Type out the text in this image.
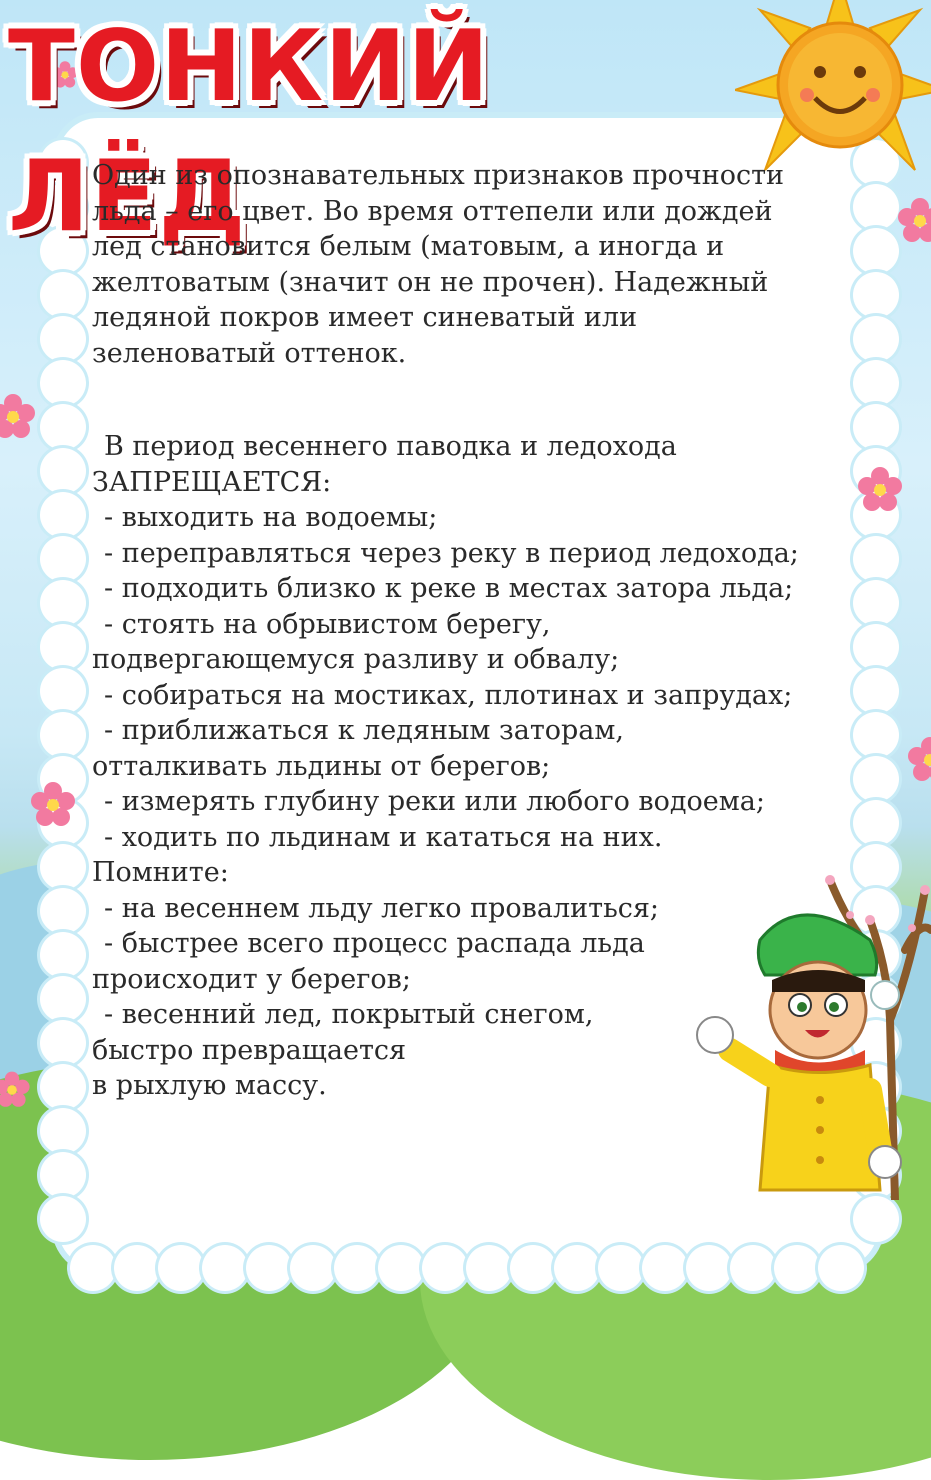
ТОНКИЙ ЛЁД

Один из опознавательных признаков прочности

льда – его цвет. Во время оттепели или дождей

лед становится белым (матовым, а иногда и

желтоватым (значит он не прочен). Надежный

ледяной покров имеет синеватый или

зеленоватый оттенок.

В период весеннего паводка и ледохода

ЗАПРЕЩАЕТСЯ:

- выходить на водоемы;

- переправляться через реку в период ледохода;

- подходить близко к реке в местах затора льда;

- стоять на обрывистом берегу,

подвергающемуся разливу и обвалу;

- собираться на мостиках, плотинах и запрудах;

- приближаться к ледяным заторам,

отталкивать льдины от берегов;

- измерять глубину реки или любого водоема;

- ходить по льдинам и кататься на них.

Помните:

- на весеннем льду легко провалиться;

- быстрее всего процесс распада льда

происходит у берегов;

- весенний лед, покрытый снегом,

быстро превращается

в рыхлую массу.
